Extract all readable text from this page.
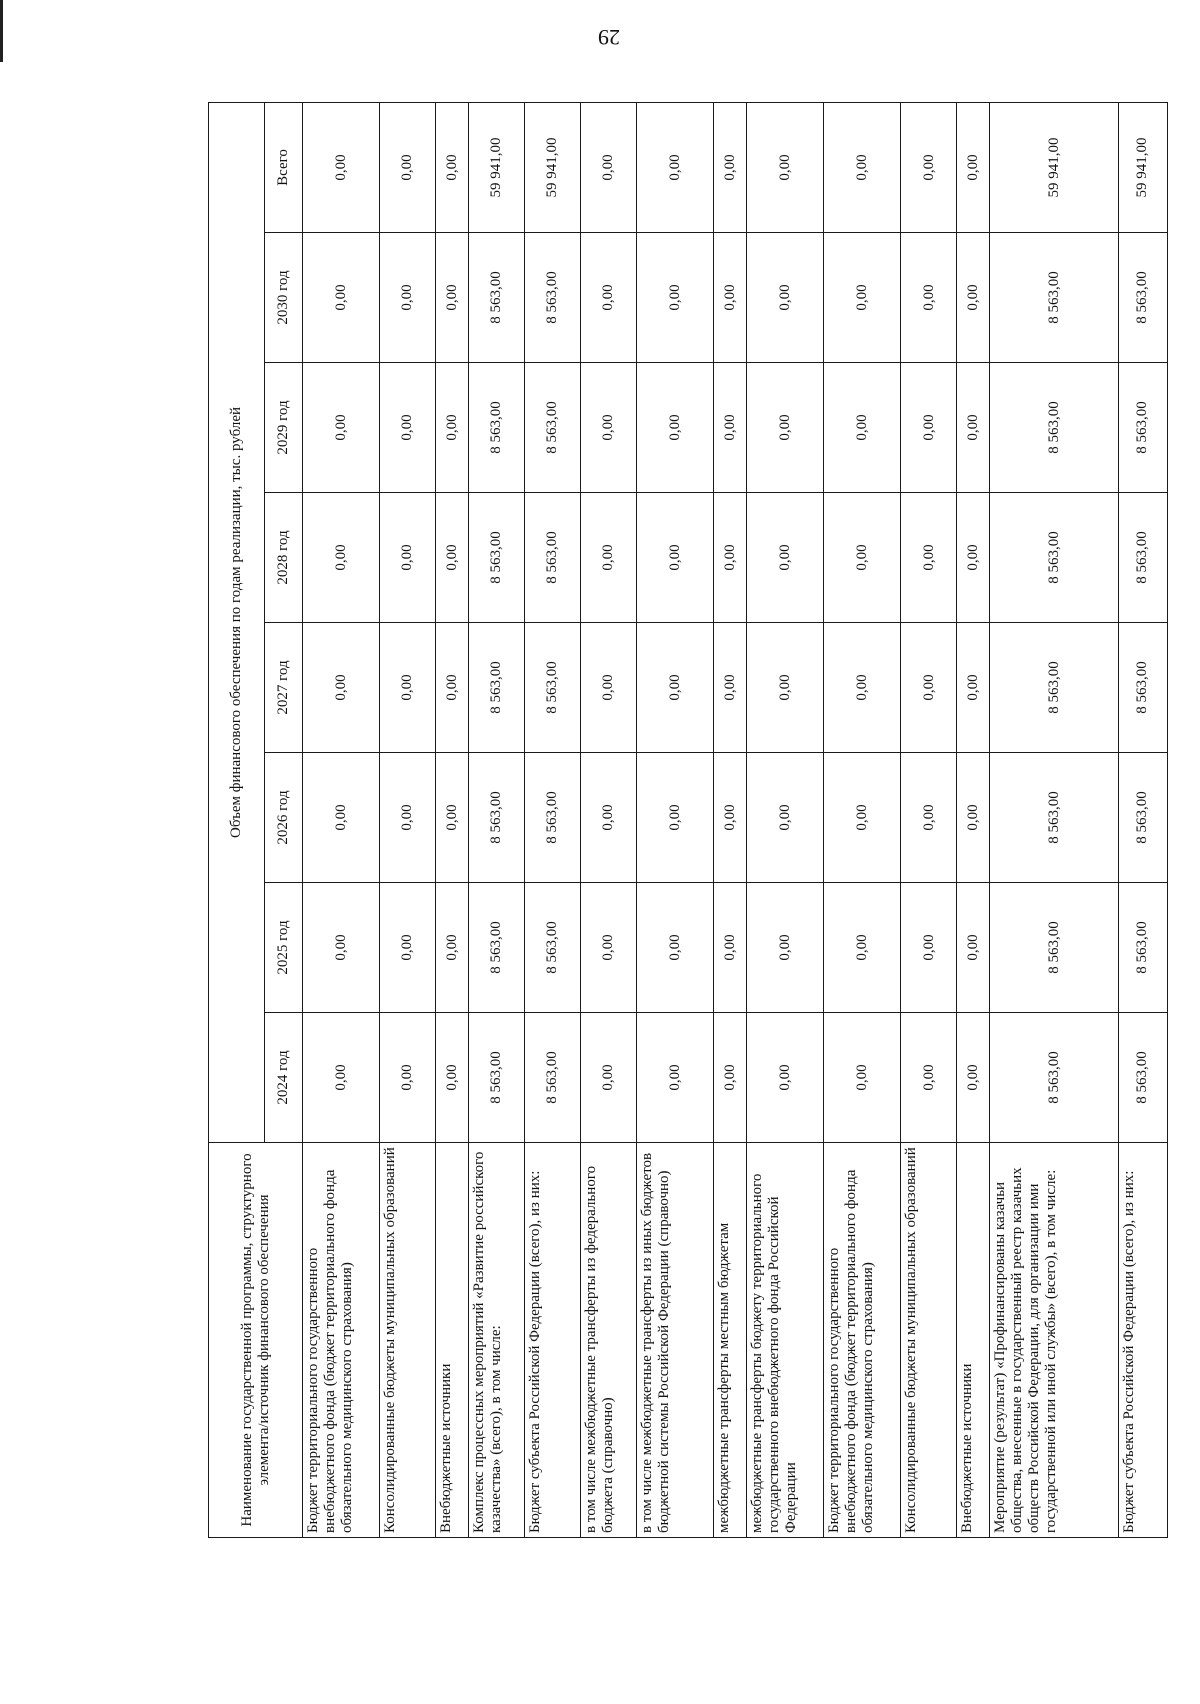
29
Наименование государственной программы, структурного элемента/источник финансового обеспечения	Объем финансового обеспечения по годам реализации, тыс. рублей							
	2024 год	2025 год	2026 год	2027 год	2028 год	2029 год	2030 год	Всего
Бюджет территориального государственного внебюджетного фонда (бюджет территориального фонда обязательного медицинского страхования)	0,00	0,00	0,00	0,00	0,00	0,00	0,00	0,00
Консолидированные бюджеты муниципальных образований	0,00	0,00	0,00	0,00	0,00	0,00	0,00	0,00
Внебюджетные источники	0,00	0,00	0,00	0,00	0,00	0,00	0,00	0,00
Комплекс процессных мероприятий «Развитие российского казачества» (всего), в том числе:	8 563,00	8 563,00	8 563,00	8 563,00	8 563,00	8 563,00	8 563,00	59 941,00
Бюджет субъекта Российской Федерации (всего), из них:	8 563,00	8 563,00	8 563,00	8 563,00	8 563,00	8 563,00	8 563,00	59 941,00
в том числе межбюджетные трансферты из федерального бюджета (справочно)	0,00	0,00	0,00	0,00	0,00	0,00	0,00	0,00
в том числе межбюджетные трансферты из иных бюджетов бюджетной системы Российской Федерации (справочно)	0,00	0,00	0,00	0,00	0,00	0,00	0,00	0,00
межбюджетные трансферты местным бюджетам	0,00	0,00	0,00	0,00	0,00	0,00	0,00	0,00
межбюджетные трансферты бюджету территориального государственного внебюджетного фонда Российской Федерации	0,00	0,00	0,00	0,00	0,00	0,00	0,00	0,00
Бюджет территориального государственного внебюджетного фонда (бюджет территориального фонда обязательного медицинского страхования)	0,00	0,00	0,00	0,00	0,00	0,00	0,00	0,00
Консолидированные бюджеты муниципальных образований	0,00	0,00	0,00	0,00	0,00	0,00	0,00	0,00
Внебюджетные источники	0,00	0,00	0,00	0,00	0,00	0,00	0,00	0,00
Мероприятие (результат) «Профинансированы казачьи общества, внесенные в государственный реестр казачьих обществ Российской Федерации, для организации ими государственной или иной службы» (всего), в том числе:	8 563,00	8 563,00	8 563,00	8 563,00	8 563,00	8 563,00	8 563,00	59 941,00
Бюджет субъекта Российской Федерации (всего), из них:	8 563,00	8 563,00	8 563,00	8 563,00	8 563,00	8 563,00	8 563,00	59 941,00
